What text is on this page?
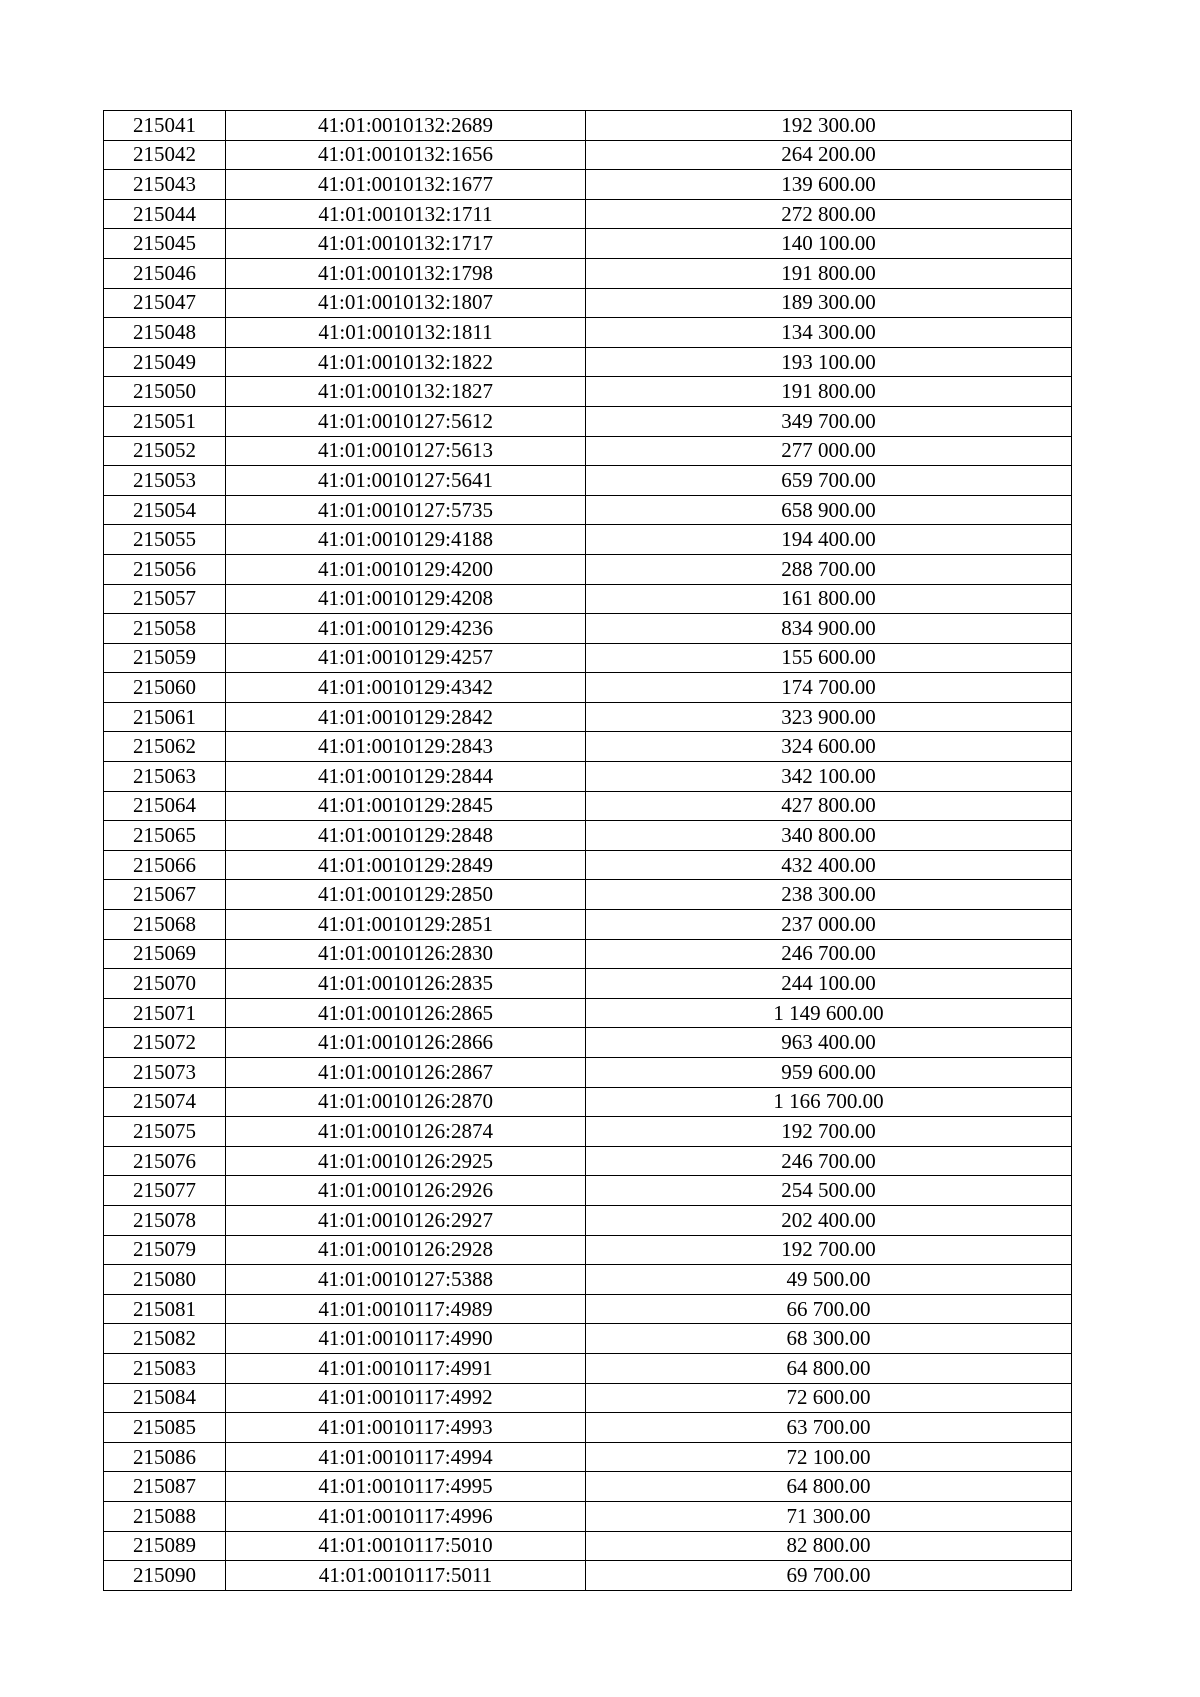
215041	41:01:0010132:2689	192 300.00
215042	41:01:0010132:1656	264 200.00
215043	41:01:0010132:1677	139 600.00
215044	41:01:0010132:1711	272 800.00
215045	41:01:0010132:1717	140 100.00
215046	41:01:0010132:1798	191 800.00
215047	41:01:0010132:1807	189 300.00
215048	41:01:0010132:1811	134 300.00
215049	41:01:0010132:1822	193 100.00
215050	41:01:0010132:1827	191 800.00
215051	41:01:0010127:5612	349 700.00
215052	41:01:0010127:5613	277 000.00
215053	41:01:0010127:5641	659 700.00
215054	41:01:0010127:5735	658 900.00
215055	41:01:0010129:4188	194 400.00
215056	41:01:0010129:4200	288 700.00
215057	41:01:0010129:4208	161 800.00
215058	41:01:0010129:4236	834 900.00
215059	41:01:0010129:4257	155 600.00
215060	41:01:0010129:4342	174 700.00
215061	41:01:0010129:2842	323 900.00
215062	41:01:0010129:2843	324 600.00
215063	41:01:0010129:2844	342 100.00
215064	41:01:0010129:2845	427 800.00
215065	41:01:0010129:2848	340 800.00
215066	41:01:0010129:2849	432 400.00
215067	41:01:0010129:2850	238 300.00
215068	41:01:0010129:2851	237 000.00
215069	41:01:0010126:2830	246 700.00
215070	41:01:0010126:2835	244 100.00
215071	41:01:0010126:2865	1 149 600.00
215072	41:01:0010126:2866	963 400.00
215073	41:01:0010126:2867	959 600.00
215074	41:01:0010126:2870	1 166 700.00
215075	41:01:0010126:2874	192 700.00
215076	41:01:0010126:2925	246 700.00
215077	41:01:0010126:2926	254 500.00
215078	41:01:0010126:2927	202 400.00
215079	41:01:0010126:2928	192 700.00
215080	41:01:0010127:5388	49 500.00
215081	41:01:0010117:4989	66 700.00
215082	41:01:0010117:4990	68 300.00
215083	41:01:0010117:4991	64 800.00
215084	41:01:0010117:4992	72 600.00
215085	41:01:0010117:4993	63 700.00
215086	41:01:0010117:4994	72 100.00
215087	41:01:0010117:4995	64 800.00
215088	41:01:0010117:4996	71 300.00
215089	41:01:0010117:5010	82 800.00
215090	41:01:0010117:5011	69 700.00
